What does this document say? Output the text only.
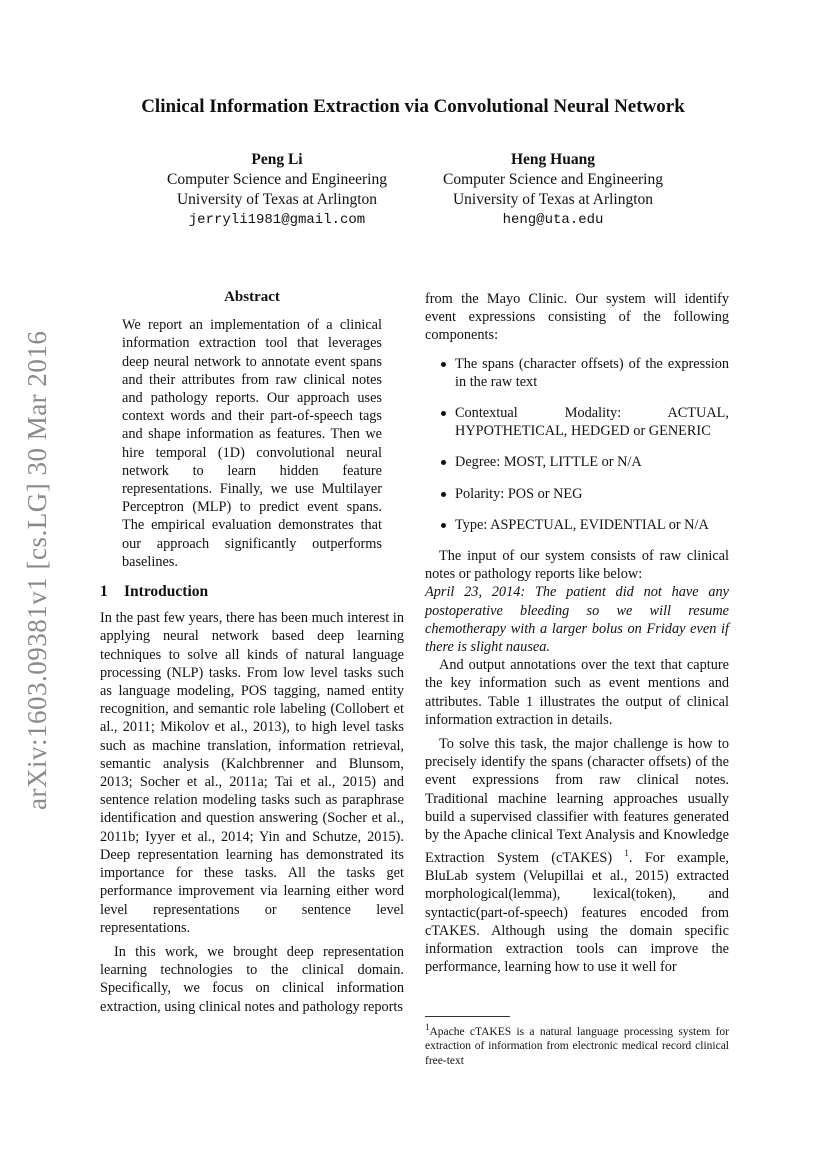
arXiv:1603.09381v1 [cs.LG] 30 Mar 2016
Clinical Information Extraction via Convolutional Neural Network
Peng Li
Computer Science and Engineering
University of Texas at Arlington
jerryli1981@gmail.com
Heng Huang
Computer Science and Engineering
University of Texas at Arlington
heng@uta.edu
Abstract

We report an implementation of a clinical information extraction tool that leverages deep neural network to annotate event spans and their attributes from raw clinical notes and pathology reports. Our approach uses context words and their part-of-speech tags and shape information as features. Then we hire temporal (1D) convolutional neural network to learn hidden feature representations. Finally, we use Multilayer Perceptron (MLP) to predict event spans. The empirical evaluation demonstrates that our approach significantly outperforms baselines.

1 Introduction

In the past few years, there has been much interest in applying neural network based deep learning techniques to solve all kinds of natural language processing (NLP) tasks. From low level tasks such as language modeling, POS tagging, named entity recognition, and semantic role labeling (Collobert et al., 2011; Mikolov et al., 2013), to high level tasks such as machine translation, information retrieval, semantic analysis (Kalchbrenner and Blunsom, 2013; Socher et al., 2011a; Tai et al., 2015) and sentence relation modeling tasks such as paraphrase identification and question answering (Socher et al., 2011b; Iyyer et al., 2014; Yin and Schutze, 2015). Deep representation learning has demonstrated its importance for these tasks. All the tasks get performance improvement via learning either word level representations or sentence level representations.

In this work, we brought deep representation learning technologies to the clinical domain. Specifically, we focus on clinical information extraction, using clinical notes and pathology reports

from the Mayo Clinic. Our system will identify event expressions consisting of the following components:

The spans (character offsets) of the expression in the raw text
Contextual Modality: ACTUAL, HYPOTHETICAL, HEDGED or GENERIC
Degree: MOST, LITTLE or N/A
Polarity: POS or NEG
Type: ASPECTUAL, EVIDENTIAL or N/A

The input of our system consists of raw clinical notes or pathology reports like below:

April 23, 2014: The patient did not have any postoperative bleeding so we will resume chemotherapy with a larger bolus on Friday even if there is slight nausea.

And output annotations over the text that capture the key information such as event mentions and attributes. Table 1 illustrates the output of clinical information extraction in details.

To solve this task, the major challenge is how to precisely identify the spans (character offsets) of the event expressions from raw clinical notes. Traditional machine learning approaches usually build a supervised classifier with features generated by the Apache clinical Text Analysis and Knowledge Extraction System (cTAKES) $^1$. For example, BluLab system (Velupillai et al., 2015) extracted morphological(lemma), lexical(token), and syntactic(part-of-speech) features encoded from cTAKES. Although using the domain specific information extraction tools can improve the performance, learning how to use it well for

$^1$Apache cTAKES is a natural language processing system for extraction of information from electronic medical record clinical free-text
